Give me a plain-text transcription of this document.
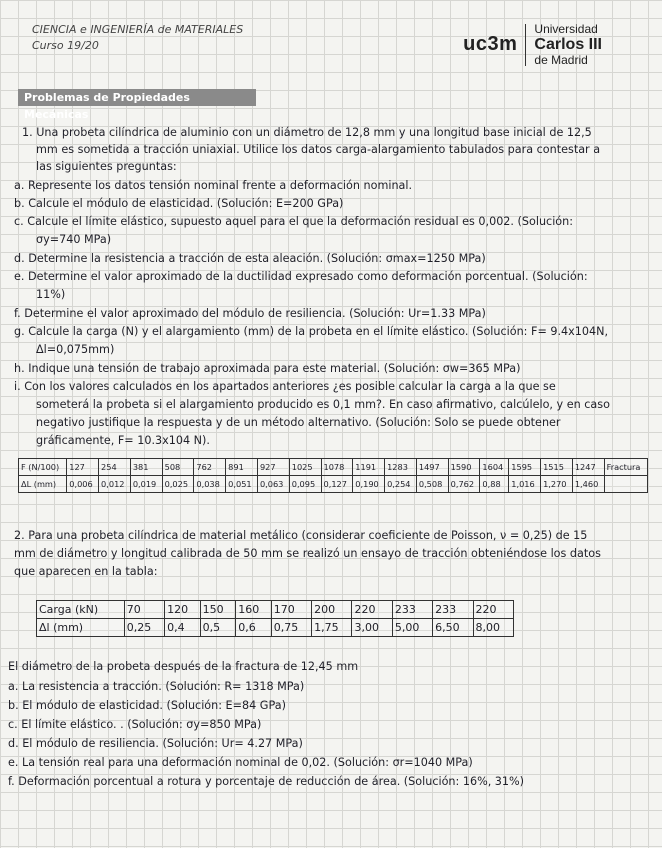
CIENCIA e INGENIERÍA de MATERIALES
Curso 19/20	uc3m
Universidad
Carlos III
de Madrid
Problemas de Propiedades Mecánicas

1. Una probeta cilíndrica de aluminio con un diámetro de 12,8 mm y una longitud base inicial de 12,5

mm es sometida a tracción uniaxial. Utilice los datos carga-alargamiento tabulados para contestar a

las siguientes preguntas:

a. Represente los datos tensión nominal frente a deformación nominal.

b. Calcule el módulo de elasticidad. (Solución: E=200 GPa)

c. Calcule el límite elástico, supuesto aquel para el que la deformación residual es 0,002. (Solución:

σy=740 MPa)

d. Determine la resistencia a tracción de esta aleación. (Solución: σmax=1250 MPa)

e. Determine el valor aproximado de la ductilidad expresado como deformación porcentual. (Solución:

11%)

f. Determine el valor aproximado del módulo de resiliencia. (Solución: Ur=1.33 MPa)

g. Calcule la carga (N) y el alargamiento (mm) de la probeta en el límite elástico. (Solución: F= 9.4x104N,

Δl=0,075mm)

h. Indique una tensión de trabajo aproximada para este material. (Solución: σw=365 MPa)

i. Con los valores calculados en los apartados anteriores ¿es posible calcular la carga a la que se

someterá la probeta si el alargamiento producido es 0,1 mm?. En caso afirmativo, calcúlelo, y en caso

negativo justifique la respuesta y de un método alternativo. (Solución: Solo se puede obtener

gráficamente, F= 10.3x104 N).

F (N/100)	127	254	381	508	762	891	927	1025	1078	1191	1283	1497	1590	1604	1595	1515	1247	Fractura
ΔL (mm)	0,006	0,012	0,019	0,025	0,038	0,051	0,063	0,095	0,127	0,190	0,254	0,508	0,762	0,88	1,016	1,270	1,460	

2. Para una probeta cilíndrica de material metálico (considerar coeficiente de Poisson, ν = 0,25) de 15

mm de diámetro y longitud calibrada de 50 mm se realizó un ensayo de tracción obteniéndose los datos

que aparecen en la tabla:

Carga (kN)	70	120	150	160	170	200	220	233	233	220
Δl (mm)	0,25	0,4	0,5	0,6	0,75	1,75	3,00	5,00	6,50	8,00

El diámetro de la probeta después de la fractura de 12,45 mm

a. La resistencia a tracción. (Solución: R= 1318 MPa)

b. El módulo de elasticidad. (Solución: E=84 GPa)

c. El límite elástico. . (Solución: σy=850 MPa)

d. El módulo de resiliencia. (Solución: Ur= 4.27 MPa)

e. La tensión real para una deformación nominal de 0,02. (Solución: σr=1040 MPa)

f. Deformación porcentual a rotura y porcentaje de reducción de área. (Solución: 16%, 31%)
